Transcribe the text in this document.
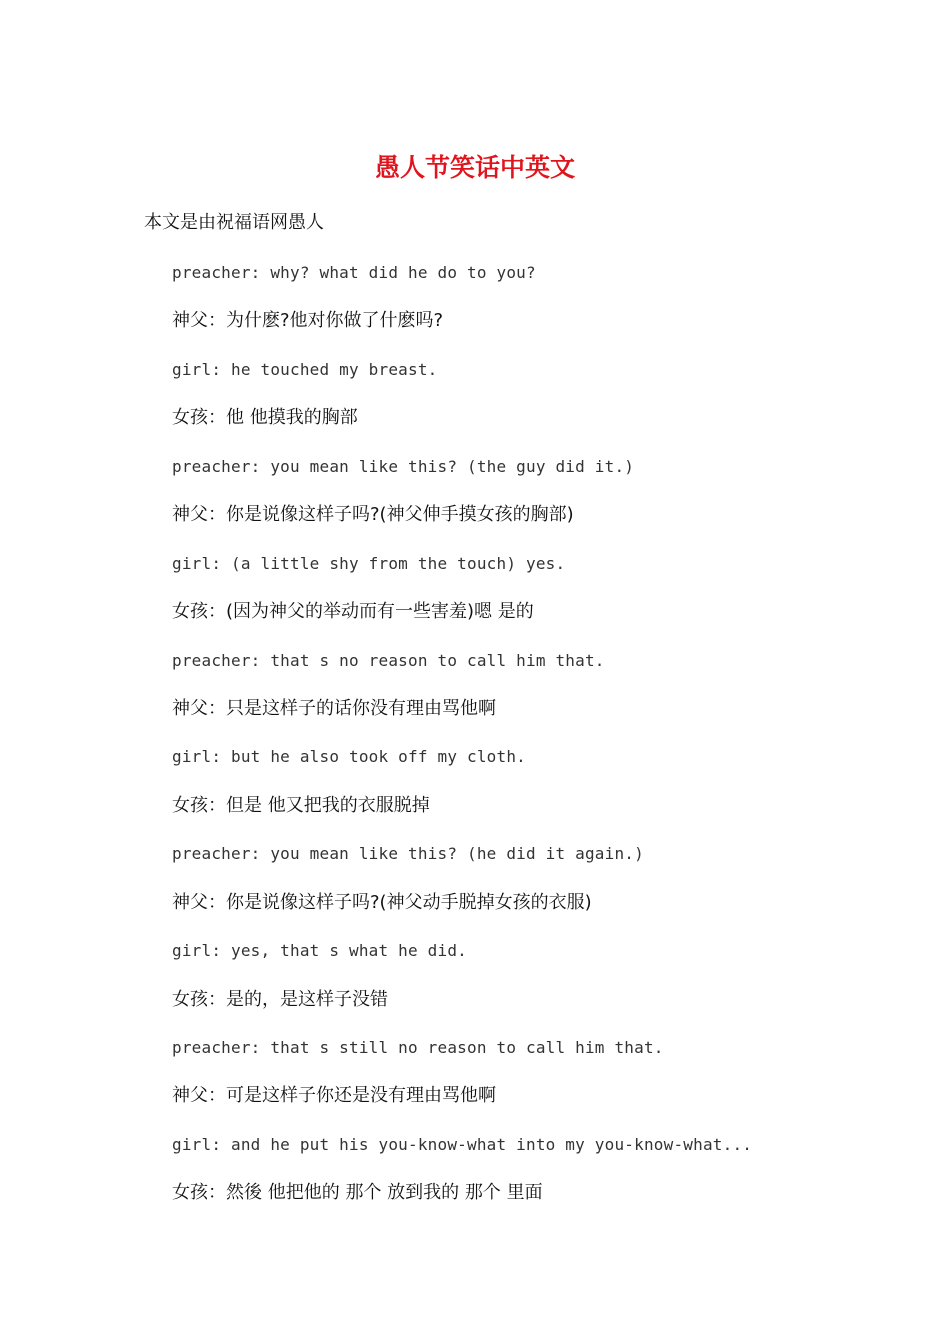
愚人节笑话中英文

本文是由祝福语网愚人

preacher: why? what did he do to you?
神父：为什麽?他对你做了什麽吗?
girl: he touched my breast.
女孩：他 他摸我的胸部
preacher: you mean like this? (the guy did it.)
神父：你是说像这样子吗?(神父伸手摸女孩的胸部)
girl: (a little shy from the touch) yes.
女孩：(因为神父的举动而有一些害羞)嗯 是的
preacher: that s no reason to call him that.
神父：只是这样子的话你没有理由骂他啊
girl: but he also took off my cloth.
女孩：但是 他又把我的衣服脱掉
preacher: you mean like this? (he did it again.)
神父：你是说像这样子吗?(神父动手脱掉女孩的衣服)
girl: yes, that s what he did.
女孩：是的，是这样子没错
preacher: that s still no reason to call him that.
神父：可是这样子你还是没有理由骂他啊
girl: and he put his you-know-what into my you-know-what...
女孩：然後 他把他的 那个 放到我的 那个 里面
